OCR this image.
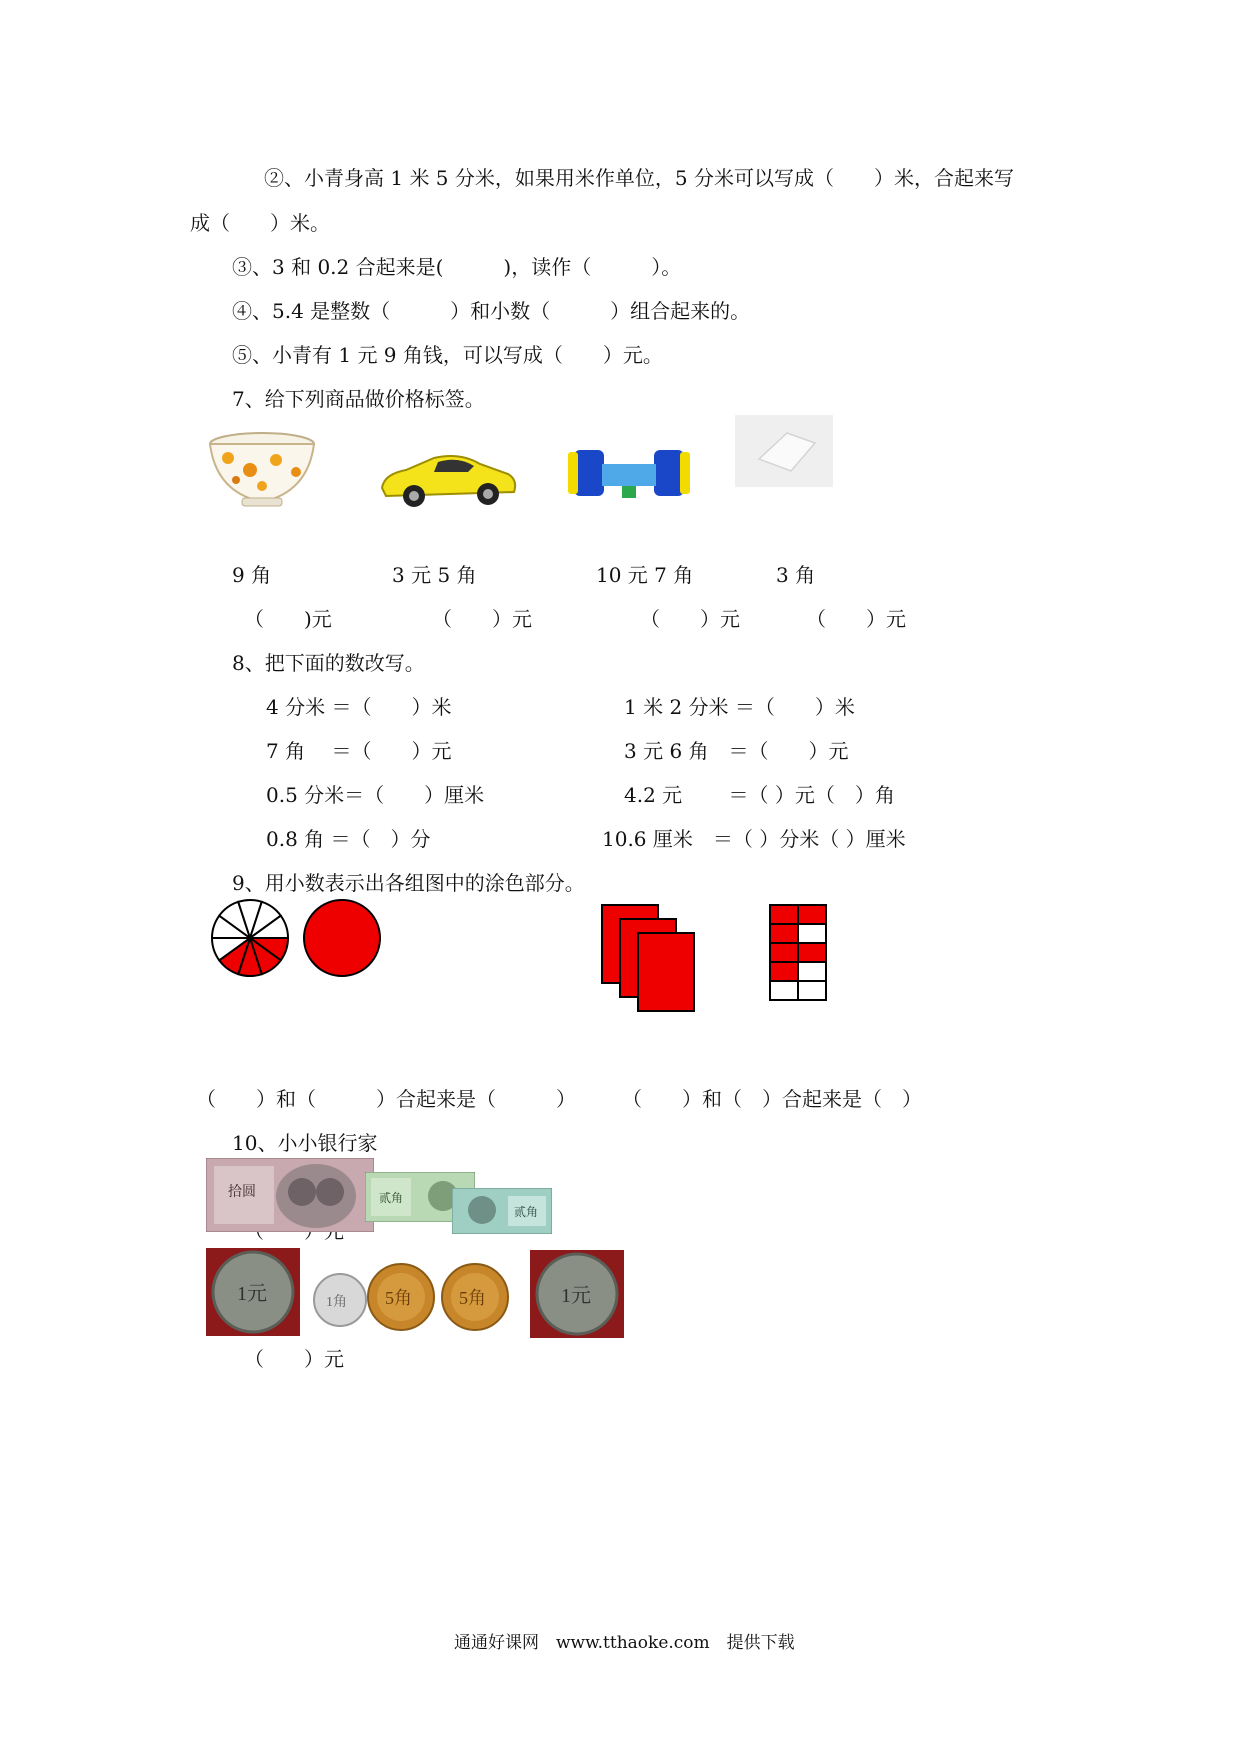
②、小青身高 1 米 5 分米，如果用米作单位，5 分米可以写成（　　）米，合起来写
成（　　）米。
③、3 和 0.2 合起来是(　　　)，读作（　　　）。
④、5.4 是整数（　　　）和小数（　　　）组合起来的。
⑤、小青有 1 元 9 角钱，可以写成（　　）元。
7、给下列商品做价格标签。
9 角	3 元 5 角	10 元 7 角	3 角
（　　)元	（　　）元	（　　）元	（　　）元
8、把下面的数改写。
4 分米 ＝（　　）米	1 米 2 分米 ＝（　　）米
7 角　 ＝（　　）元	3 元 6 角　＝（　　）元
0.5 分米＝（　　）厘米	4.2 元　　 ＝（ ）元（　）角
0.8 角 ＝（　）分	10.6 厘米　＝（ ）分米（ ）厘米
9、用小数表示出各组图中的涂色部分。
（　　）和（　　　）合起来是（　　　） （　　）和（　）合起来是（　）
10、小小银行家
拾圆	贰角
贰角
1元	1角 5角	5角	1元
（　　）元
通通好课网　www.tthaoke.com　提供下载
